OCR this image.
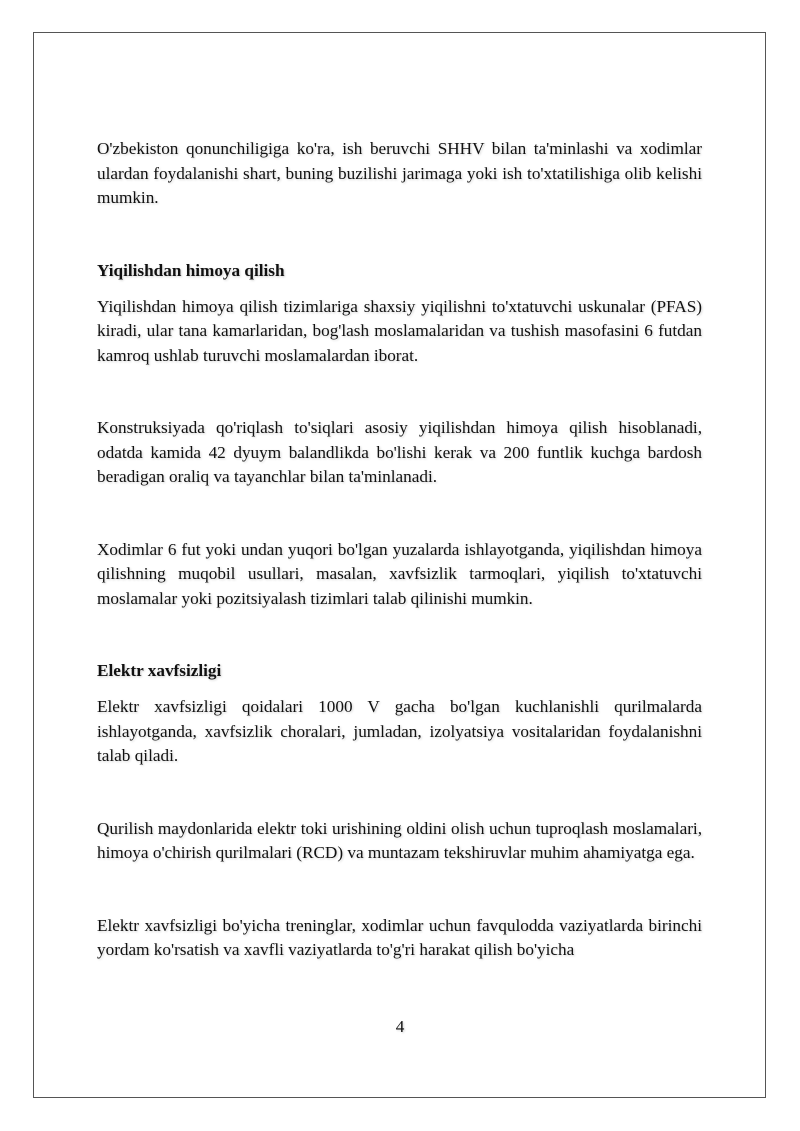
O'zbekiston qonunchiligiga ko'ra, ish beruvchi SHHV bilan ta'minlashi va xodimlar ulardan foydalanishi shart, buning buzilishi jarimaga yoki ish to'xtatilishiga olib kelishi mumkin.

Yiqilishdan himoya qilish

Yiqilishdan himoya qilish tizimlariga shaxsiy yiqilishni to'xtatuvchi uskunalar (PFAS) kiradi, ular tana kamarlaridan, bog'lash moslamalaridan va tushish masofasini 6 futdan kamroq ushlab turuvchi moslamalardan iborat.

Konstruksiyada qo'riqlash to'siqlari asosiy yiqilishdan himoya qilish hisoblanadi, odatda kamida 42 dyuym balandlikda bo'lishi kerak va 200 funtlik kuchga bardosh beradigan oraliq va tayanchlar bilan ta'minlanadi.

Xodimlar 6 fut yoki undan yuqori bo'lgan yuzalarda ishlayotganda, yiqilishdan himoya qilishning muqobil usullari, masalan, xavfsizlik tarmoqlari, yiqilish to'xtatuvchi moslamalar yoki pozitsiyalash tizimlari talab qilinishi mumkin.

Elektr xavfsizligi

Elektr xavfsizligi qoidalari 1000 V gacha bo'lgan kuchlanishli qurilmalarda ishlayotganda, xavfsizlik choralari, jumladan, izolyatsiya vositalaridan foydalanishni talab qiladi.

Qurilish maydonlarida elektr toki urishining oldini olish uchun tuproqlash moslamalari, himoya o'chirish qurilmalari (RCD) va muntazam tekshiruvlar muhim ahamiyatga ega.

Elektr xavfsizligi bo'yicha treninglar, xodimlar uchun favqulodda vaziyatlarda birinchi yordam ko'rsatish va xavfli vaziyatlarda to'g'ri harakat qilish bo'yicha

4
